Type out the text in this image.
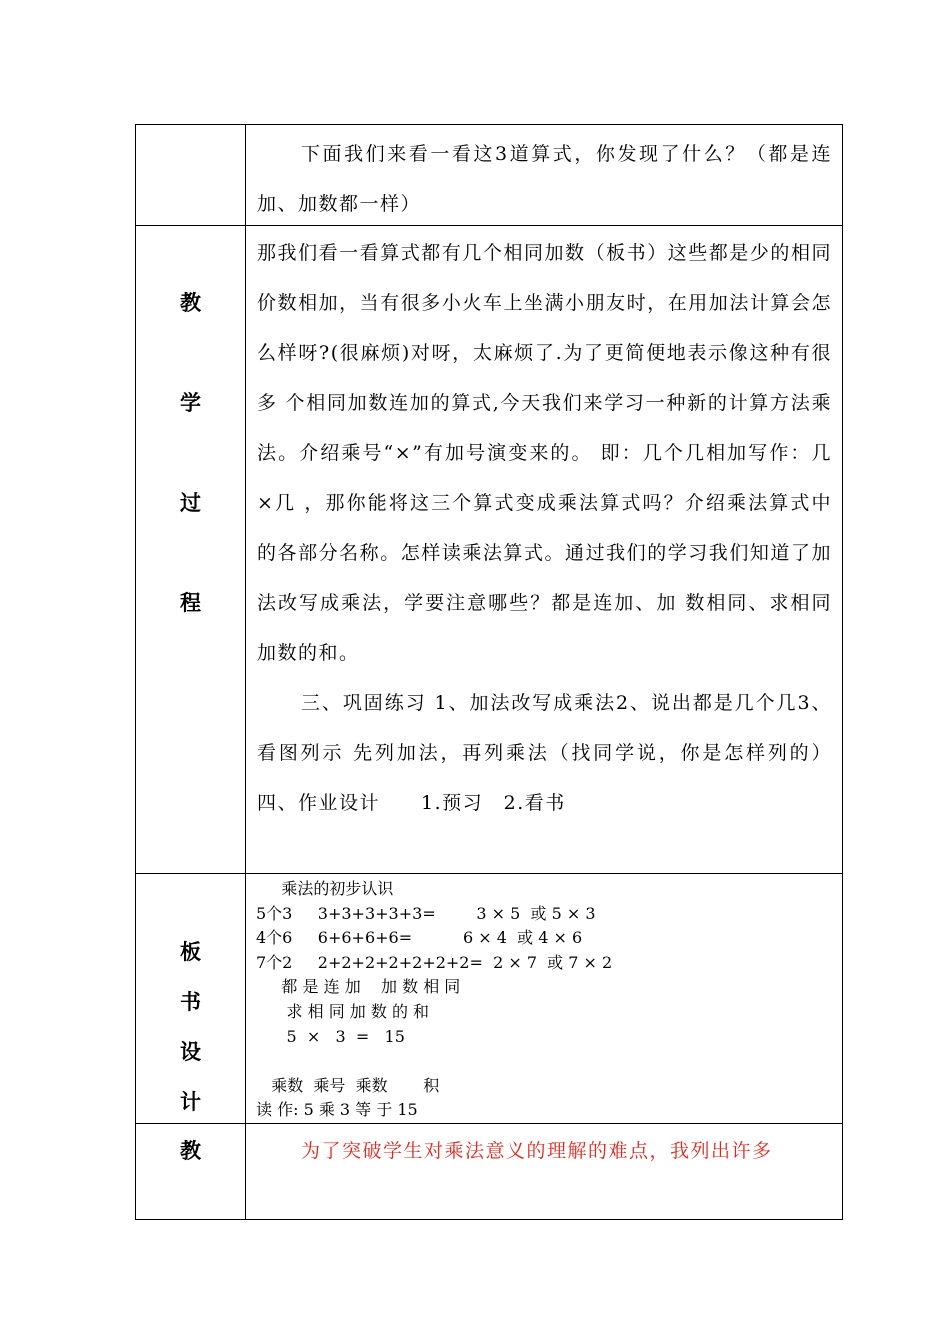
下面我们来看一看这3道算式，你发现了什么？（都是连加、加数都一样）

教
学
过
程

那我们看一看算式都有几个相同加数（板书）这些都是少的相同价数相加，当有很多小火车上坐满小朋友时，在用加法计算会怎么样呀?(很麻烦)对呀，太麻烦了.为了更简便地表示像这种有很多 个相同加数连加的算式,今天我们来学习一种新的计算方法乘法。介绍乘号“×”有加号演变来的。 即：几个几相加写作：几×几 ，那你能将这三个算式变成乘法算式吗？介绍乘法算式中的各部分名称。怎样读乘法算式。通过我们的学习我们知道了加法改写成乘法，学要注意哪些？都是连加、加 数相同、求相同加数的和。

三、巩固练习 1、加法改写成乘法2、说出都是几个几3、看图列示 先列加法，再列乘法（找同学说，你是怎样列的）四、作业设计　　1.预习　2.看书

板
书
设
计
乘法的初步认识
5个3     3+3+3+3+3=        3 × 5  或 5 × 3
4个6     6+6+6+6=          6 × 4  或 4 × 6
7个2     2+2+2+2+2+2+2=  2 × 7  或 7 × 2
都 是 连 加    加 数 相 同
求 相 同 加 数 的 和
5  ×   3  =   15
乘数  乘号  乘数       积
读 作: 5 乘 3 等 于 15
教	为了突破学生对乘法意义的理解的难点，我列出许多
